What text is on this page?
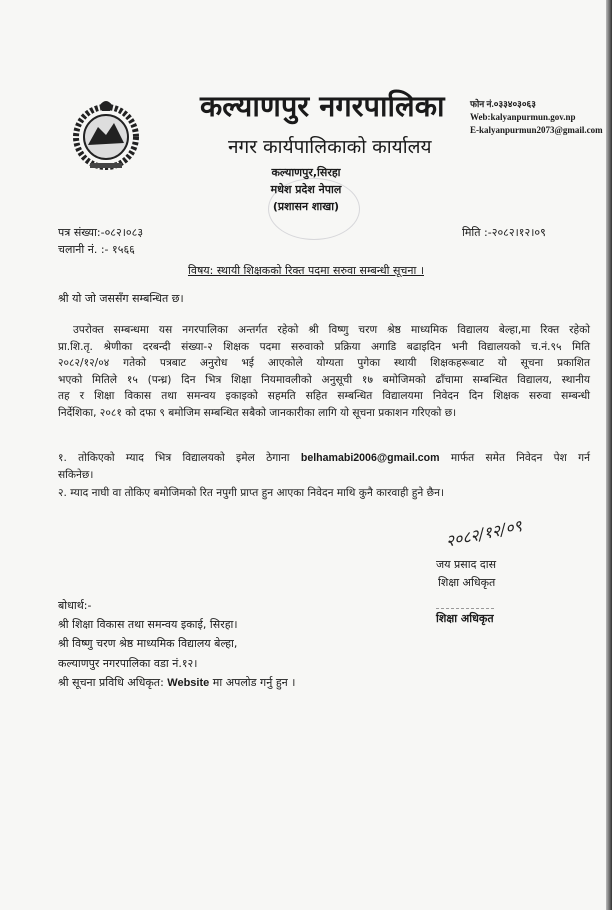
कल्याणपुर नगरपालिका
नगर कार्यपालिकाको कार्यालय
कल्याणपुर,सिरहा
मधेश प्रदेश नेपाल
(प्रशासन शाखा)
फोन नं.०३३४०३०६३
Web:kalyanpurmun.gov.np
E-kalyanpurmun2073@gmail.com
पत्र संख्या:-०८२।०८३
चलानी नं. :- १५६६
मिति :-२०८२।१२।०९
विषय: स्थायी शिक्षकको रिक्त पदमा सरुवा सम्बन्धी सूचना ।
श्री यो जो जससँग सम्बन्धित छ।
उपरोक्त सम्बन्धमा यस नगरपालिका अन्तर्गत रहेको श्री विष्णु चरण श्रेष्ठ माध्यमिक विद्यालय बेल्हा,मा रिक्त रहेको
प्रा.शि.तृ. श्रेणीका दरबन्दी संख्या-२ शिक्षक पदमा सरुवाको प्रक्रिया अगाडि बढाइदिन भनी विद्यालयको च.नं.९५ मिति
२०८२/१२/०४ गतेको पत्रबाट अनुरोध भई आएकोले योग्यता पुगेका स्थायी शिक्षकहरूबाट यो सूचना प्रकाशित
भएको मितिले १५ (पन्ध्र) दिन भित्र शिक्षा नियमावलीको अनुसूची १७ बमोजिमको ढाँचामा सम्बन्धित विद्यालय, स्थानीय
तह र शिक्षा विकास तथा समन्वय इकाइको सहमति सहित सम्बन्धित विद्यालयमा निवेदन दिन शिक्षक सरुवा सम्बन्धी
निर्देशिका, २०८१ को दफा ९ बमोजिम सम्बन्धित सबैको जानकारीका लागि यो सूचना प्रकाशन गरिएको छ।
१. तोकिएको म्याद भित्र विद्यालयको इमेल ठेगाना belhamabi2006@gmail.com मार्फत समेत निवेदन पेश गर्न
सकिनेछ।
२. म्याद नाघी वा तोकिए बमोजिमको रित नपुगी प्राप्त हुन आएका निवेदन माथि कुनै कारवाही हुने छैन।
२०८२/१२/०९
जय प्रसाद दास
शिक्षा अधिकृत
शिक्षा अधिकृत
बोधार्थ:-
श्री शिक्षा विकास तथा समन्वय इकाई, सिरहा।
श्री विष्णु चरण श्रेष्ठ माध्यमिक विद्यालय बेल्हा,
कल्याणपुर नगरपालिका वडा नं.१२।
श्री सूचना प्रविधि अधिकृत: Website मा अपलोड गर्नु हुन ।
